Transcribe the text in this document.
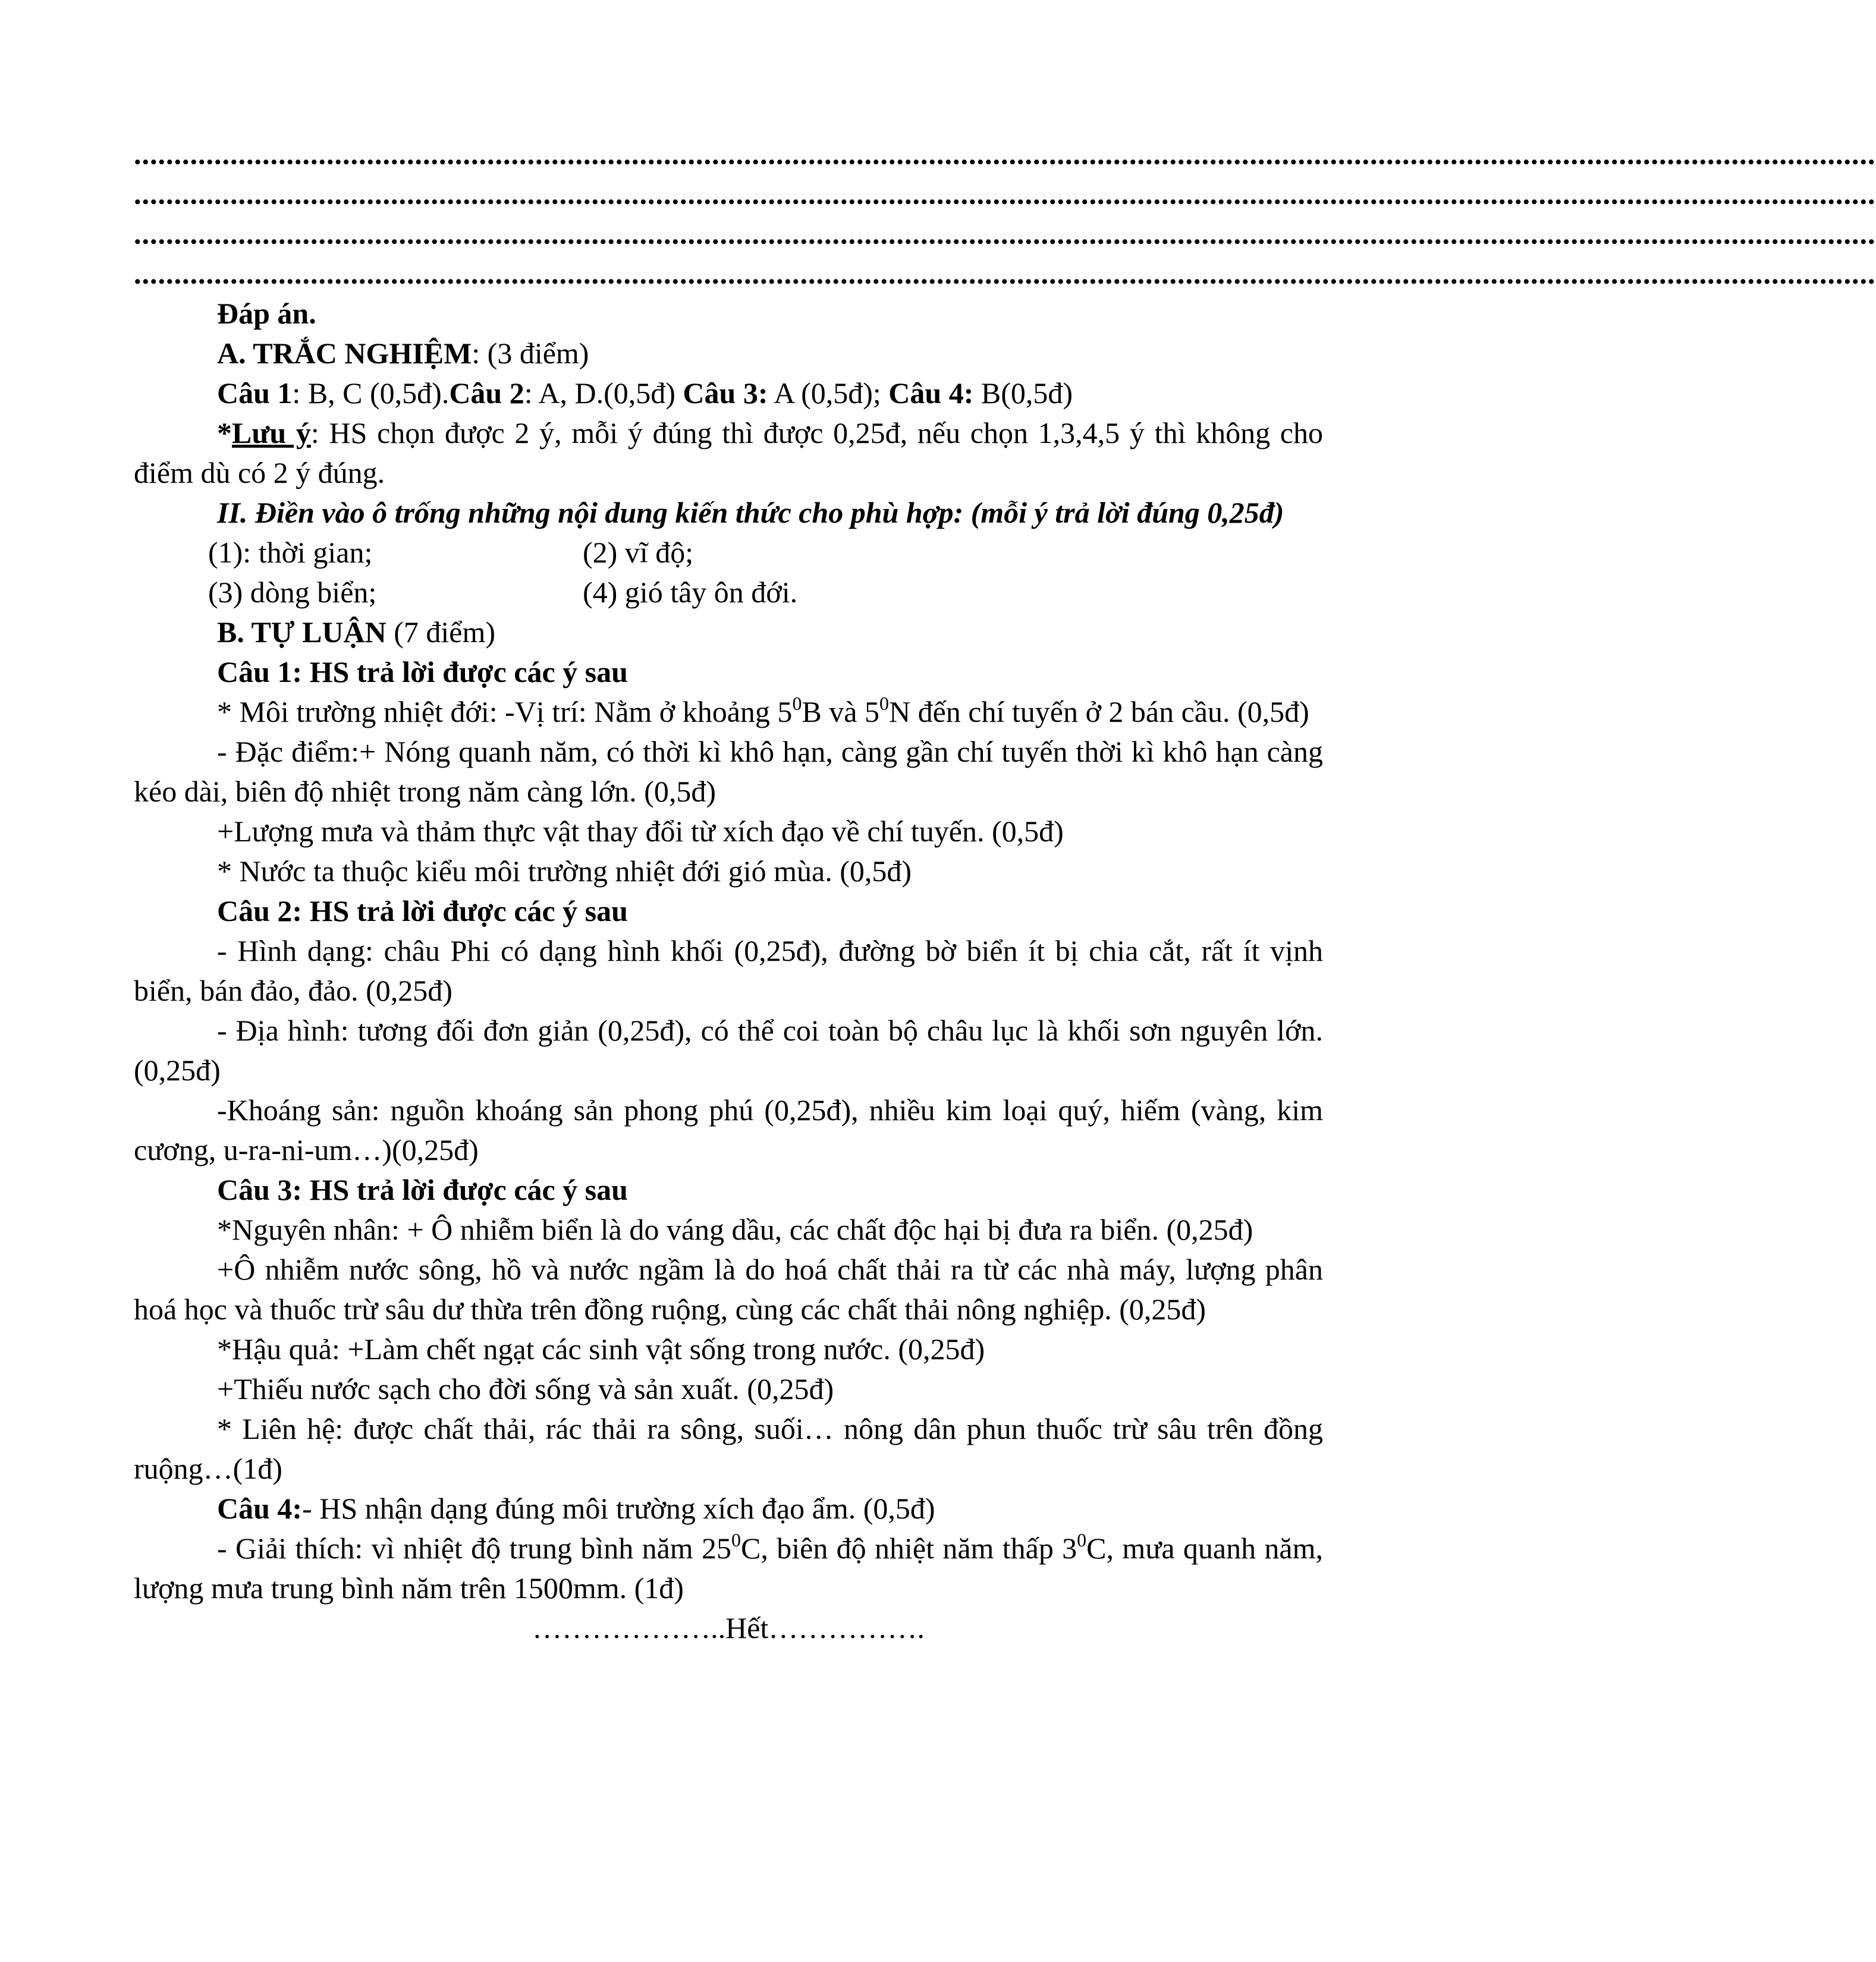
.........................................................................................................................................................................................................................
.........................................................................................................................................................................................................................
.........................................................................................................................................................................................................................
.........................................................................................................................................................................................................................

Đáp án.

A. TRẮC NGHIỆM: (3 điểm)

Câu 1: B, C (0,5đ).Câu 2: A, D.(0,5đ) Câu 3: A (0,5đ); Câu 4: B(0,5đ)

*Lưu ý: HS chọn được 2 ý, mỗi ý đúng thì được 0,25đ, nếu chọn 1,3,4,5 ý thì không cho điểm dù có 2 ý đúng.

II. Điền vào ô trống những nội dung kiến thức cho phù hợp: (mỗi ý trả lời đúng 0,25đ)

(1): thời gian;	(2) vĩ độ;
(3) dòng biển;	(4) gió tây ôn đới.

B. TỰ LUẬN (7 điểm)

Câu 1: HS trả lời được các ý sau

* Môi trường nhiệt đới: -Vị trí: Nằm ở khoảng $5^0B$ và $5^0N$ đến chí tuyến ở 2 bán cầu. (0,5đ)

- Đặc điểm:+ Nóng quanh năm, có thời kì khô hạn, càng gần chí tuyến thời kì khô hạn càng kéo dài, biên độ nhiệt trong năm càng lớn. (0,5đ)

+Lượng mưa và thảm thực vật thay đổi từ xích đạo về chí tuyến. (0,5đ)

* Nước ta thuộc kiểu môi trường nhiệt đới gió mùa. (0,5đ)

Câu 2: HS trả lời được các ý sau

- Hình dạng: châu Phi có dạng hình khối (0,25đ), đường bờ biển ít bị chia cắt, rất ít vịnh biển, bán đảo, đảo. (0,25đ)

- Địa hình: tương đối đơn giản (0,25đ), có thể coi toàn bộ châu lục là khối sơn nguyên lớn.(0,25đ)

-Khoáng sản: nguồn khoáng sản phong phú (0,25đ), nhiều kim loại quý, hiếm (vàng, kim cương, u-ra-ni-um…)(0,25đ)

Câu 3: HS trả lời được các ý sau

*Nguyên nhân: + Ô nhiễm biển là do váng dầu, các chất độc hại bị đưa ra biển. (0,25đ)

+Ô nhiễm nước sông, hồ và nước ngầm là do hoá chất thải ra từ các nhà máy, lượng phân hoá học và thuốc trừ sâu dư thừa trên đồng ruộng, cùng các chất thải nông nghiệp. (0,25đ)

*Hậu quả: +Làm chết ngạt các sinh vật sống trong nước. (0,25đ)

+Thiếu nước sạch cho đời sống và sản xuất. (0,25đ)

* Liên hệ: được chất thải, rác thải ra sông, suối… nông dân phun thuốc trừ sâu trên đồng ruộng…(1đ)

Câu 4:- HS nhận dạng đúng môi trường xích đạo ẩm. (0,5đ)

- Giải thích: vì nhiệt độ trung bình năm $25^0C$, biên độ nhiệt năm thấp $3^0C$, mưa quanh năm, lượng mưa trung bình năm trên 1500mm. (1đ)

………………..Hết…………….
